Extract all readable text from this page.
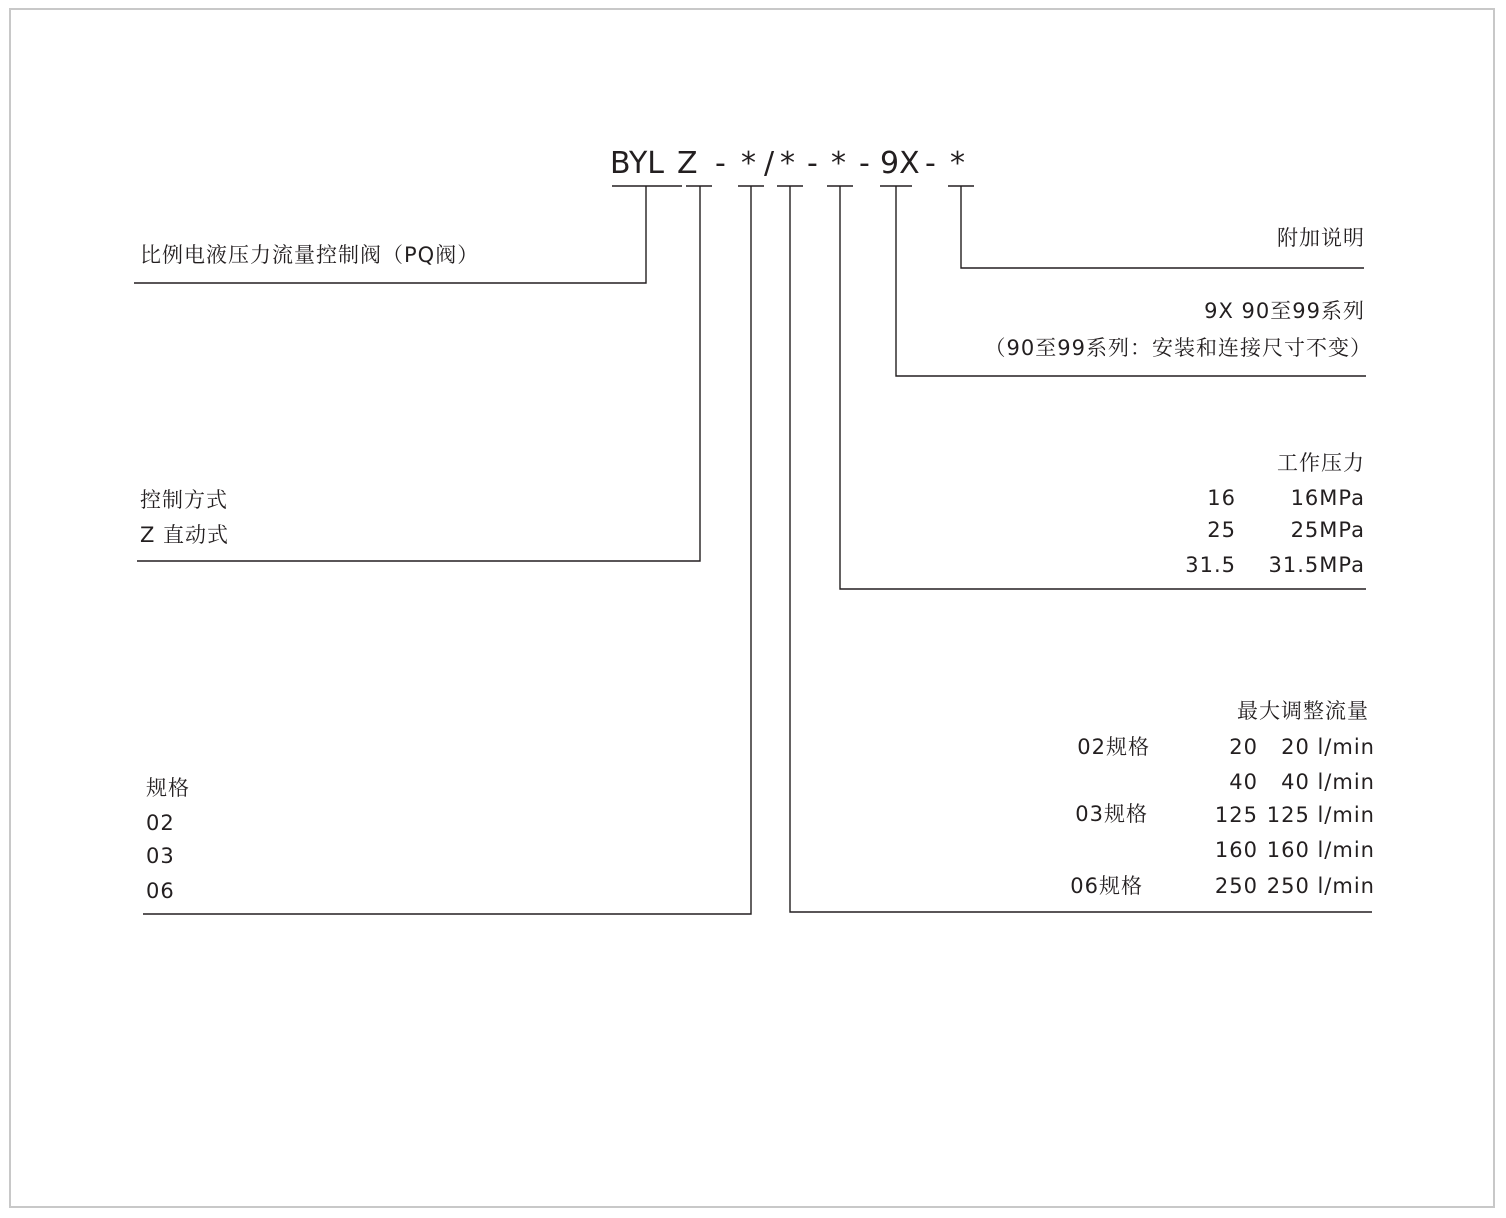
BYL Z - * / * - * - 9X - *
比例电液压力流量控制阀（PQ阀）
控制方式
Z 直动式
规格
02
03
06
附加说明
9X 90至99系列
（90至99系列：安装和连接尺寸不变）
工作压力
16	16MPa
25	25MPa
31.5 31.5MPa
最大调整流量
02规格	20 20 l/min
40 40 l/min
03规格	125 125 l/min
160 160 l/min
06规格	250 250 l/min
